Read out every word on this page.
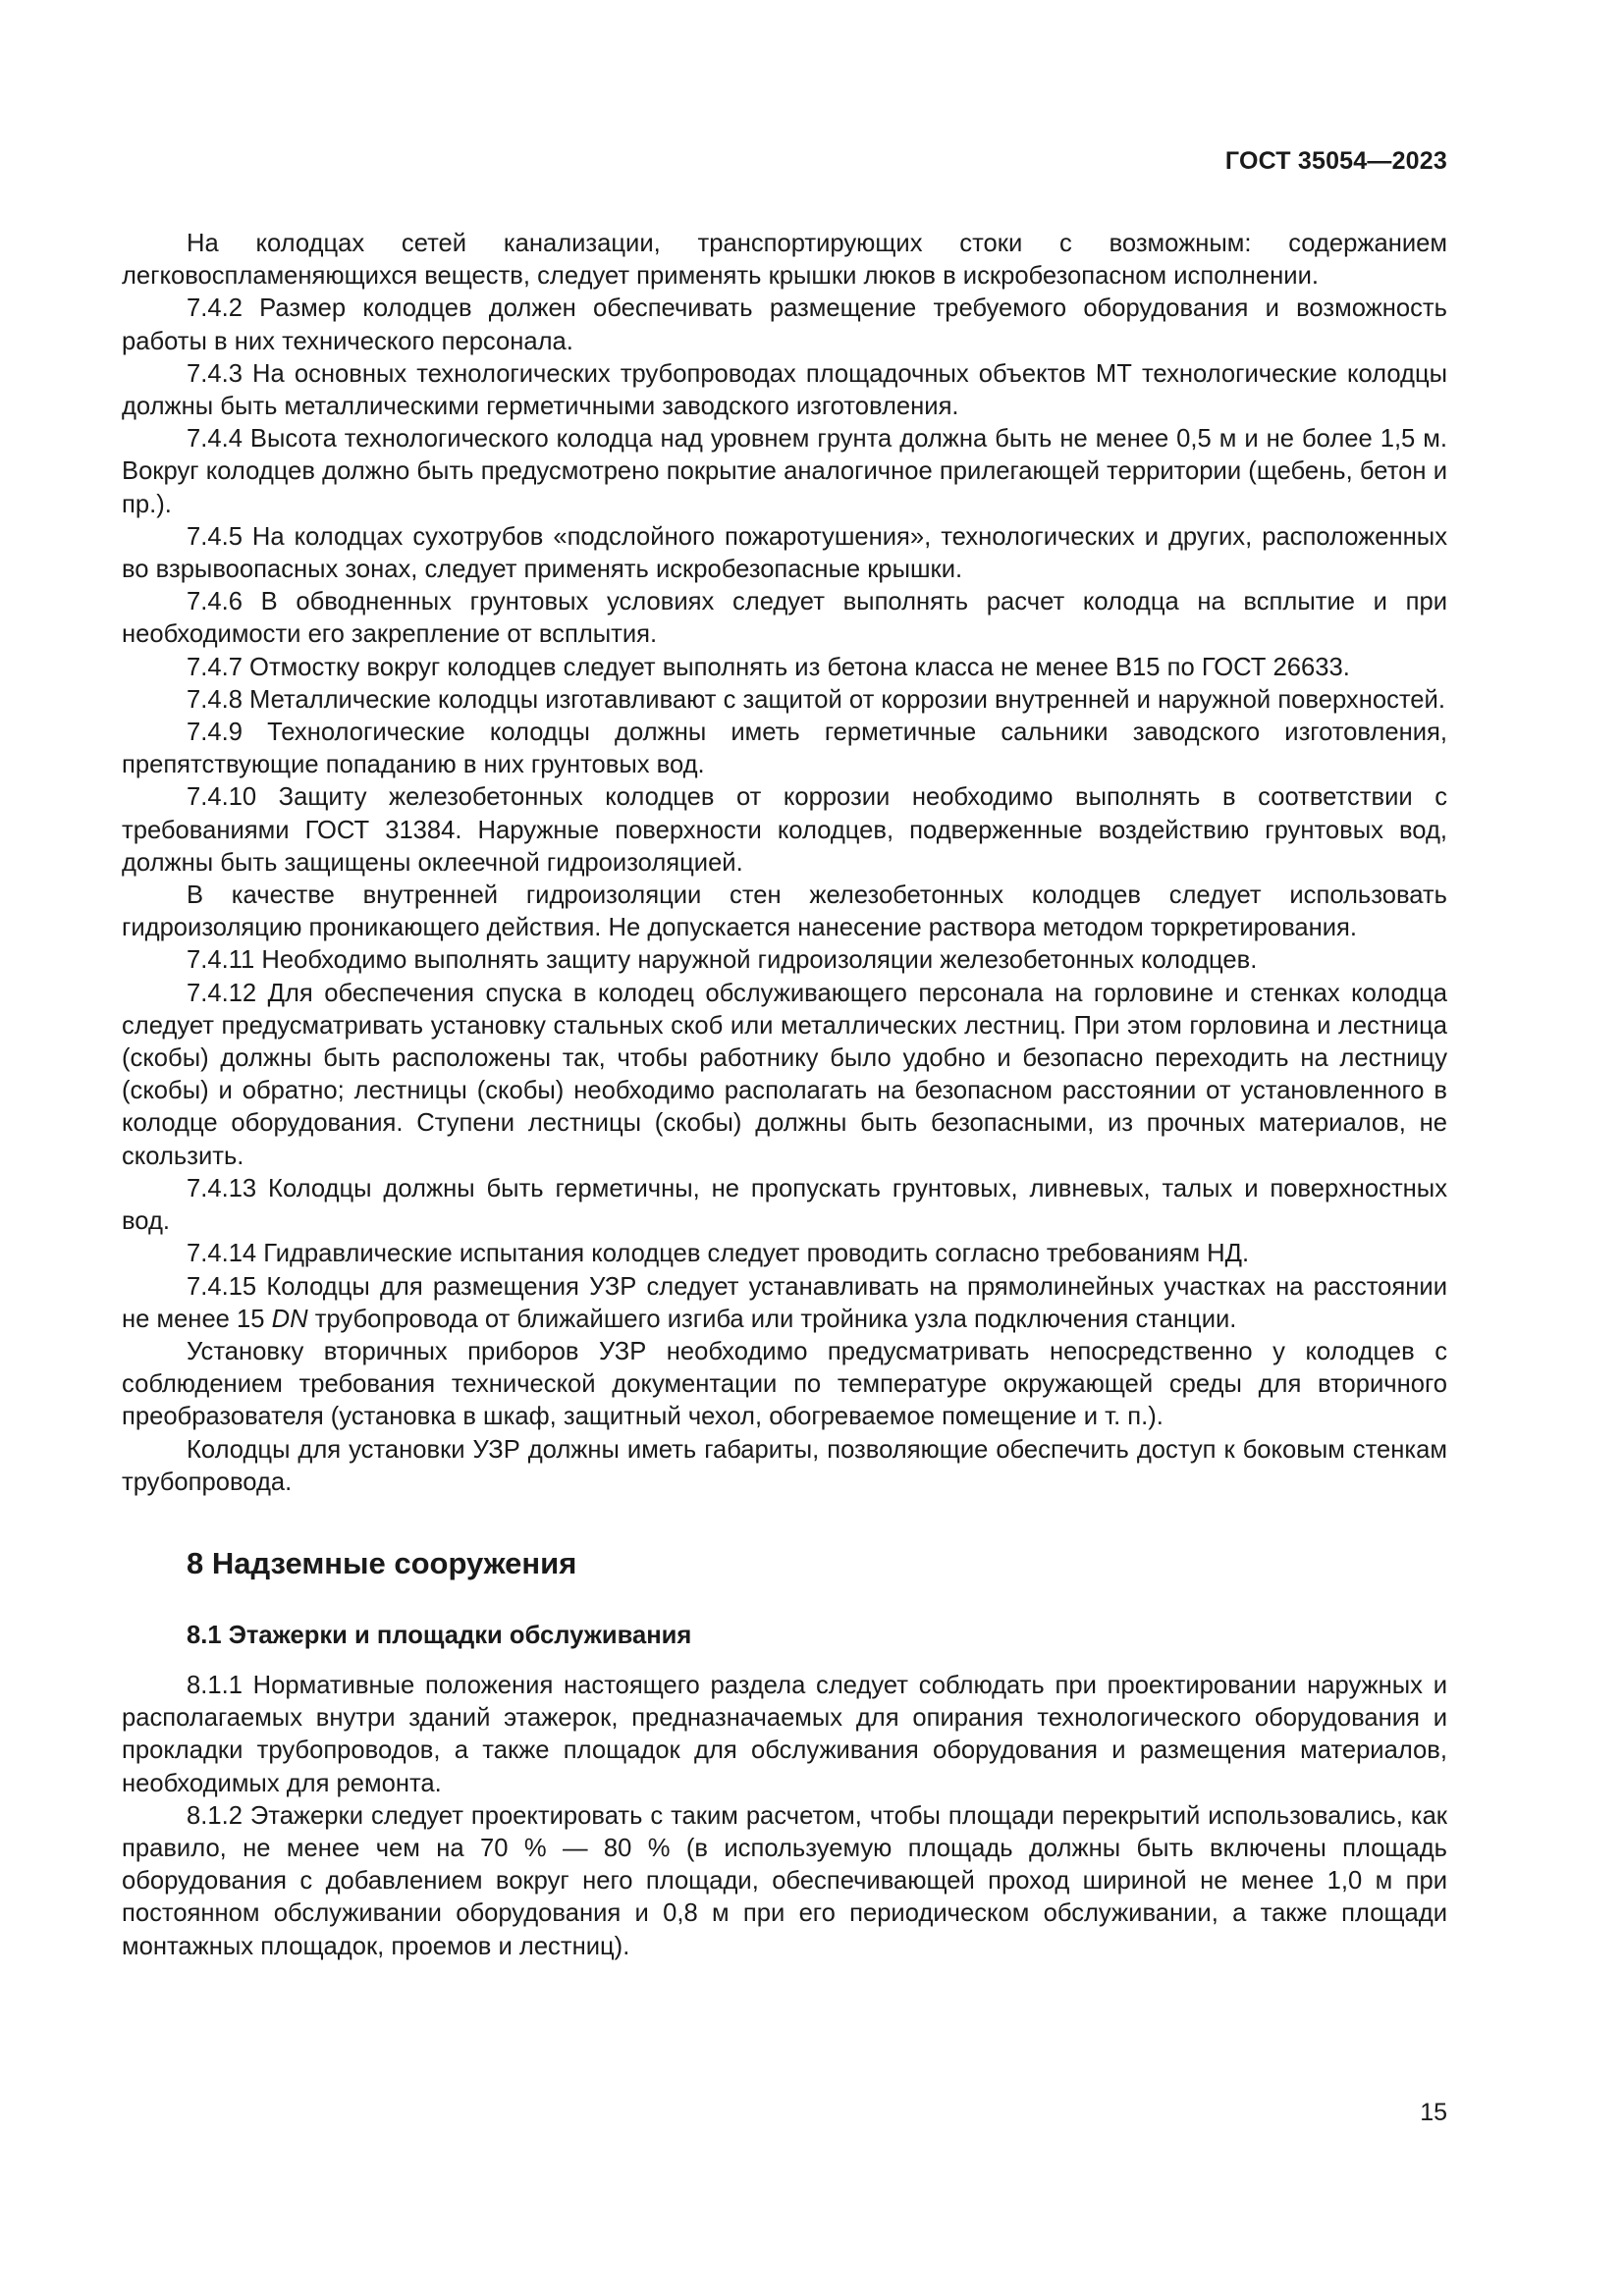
ГОСТ 35054—2023

На колодцах сетей канализации, транспортирующих стоки с возможным: содержанием легковоспламеняющихся веществ, следует применять крышки люков в искробезопасном исполнении.

7.4.2 Размер колодцев должен обеспечивать размещение требуемого оборудования и возможность работы в них технического персонала.

7.4.3 На основных технологических трубопроводах площадочных объектов МТ технологические колодцы должны быть металлическими герметичными заводского изготовления.

7.4.4 Высота технологического колодца над уровнем грунта должна быть не менее 0,5 м и не более 1,5 м. Вокруг колодцев должно быть предусмотрено покрытие аналогичное прилегающей территории (щебень, бетон и пр.).

7.4.5 На колодцах сухотрубов «подслойного пожаротушения», технологических и других, расположенных во взрывоопасных зонах, следует применять искробезопасные крышки.

7.4.6 В обводненных грунтовых условиях следует выполнять расчет колодца на всплытие и при необходимости его закрепление от всплытия.

7.4.7 Отмостку вокруг колодцев следует выполнять из бетона класса не менее B15 по ГОСТ 26633.

7.4.8 Металлические колодцы изготавливают с защитой от коррозии внутренней и наружной поверхностей.

7.4.9 Технологические колодцы должны иметь герметичные сальники заводского изготовления, препятствующие попаданию в них грунтовых вод.

7.4.10 Защиту железобетонных колодцев от коррозии необходимо выполнять в соответствии с требованиями ГОСТ 31384. Наружные поверхности колодцев, подверженные воздействию грунтовых вод, должны быть защищены оклеечной гидроизоляцией.

В качестве внутренней гидроизоляции стен железобетонных колодцев следует использовать гидроизоляцию проникающего действия. Не допускается нанесение раствора методом торкретирования.

7.4.11 Необходимо выполнять защиту наружной гидроизоляции железобетонных колодцев.

7.4.12 Для обеспечения спуска в колодец обслуживающего персонала на горловине и стенках колодца следует предусматривать установку стальных скоб или металлических лестниц. При этом горловина и лестница (скобы) должны быть расположены так, чтобы работнику было удобно и безопасно переходить на лестницу (скобы) и обратно; лестницы (скобы) необходимо располагать на безопасном расстоянии от установленного в колодце оборудования. Ступени лестницы (скобы) должны быть безопасными, из прочных материалов, не скользить.

7.4.13 Колодцы должны быть герметичны, не пропускать грунтовых, ливневых, талых и поверхностных вод.

7.4.14 Гидравлические испытания колодцев следует проводить согласно требованиям НД.

7.4.15 Колодцы для размещения УЗР следует устанавливать на прямолинейных участках на расстоянии не менее 15 DN трубопровода от ближайшего изгиба или тройника узла подключения станции.

Установку вторичных приборов УЗР необходимо предусматривать непосредственно у колодцев с соблюдением требования технической документации по температуре окружающей среды для вторичного преобразователя (установка в шкаф, защитный чехол, обогреваемое помещение и т. п.).

Колодцы для установки УЗР должны иметь габариты, позволяющие обеспечить доступ к боковым стенкам трубопровода.

8 Надземные сооружения
8.1 Этажерки и площадки обслуживания

8.1.1 Нормативные положения настоящего раздела следует соблюдать при проектировании наружных и располагаемых внутри зданий этажерок, предназначаемых для опирания технологического оборудования и прокладки трубопроводов, а также площадок для обслуживания оборудования и размещения материалов, необходимых для ремонта.

8.1.2 Этажерки следует проектировать с таким расчетом, чтобы площади перекрытий использовались, как правило, не менее чем на 70 % — 80 % (в используемую площадь должны быть включены площадь оборудования с добавлением вокруг него площади, обеспечивающей проход шириной не менее 1,0 м при постоянном обслуживании оборудования и 0,8 м при его периодическом обслуживании, а также площади монтажных площадок, проемов и лестниц).

15
